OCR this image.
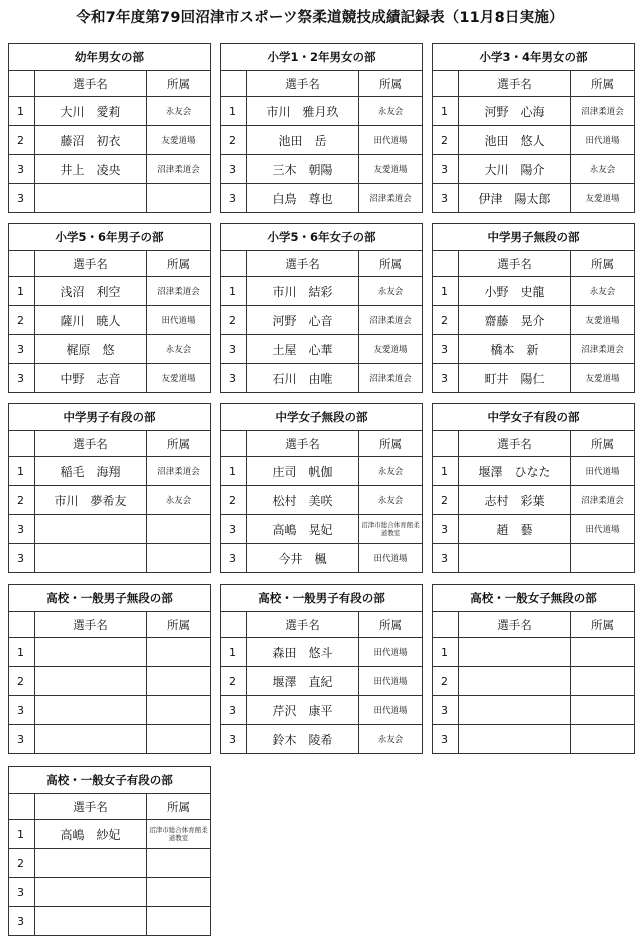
令和7年度第79回沼津市スポーツ祭柔道競技成績記録表（11月8日実施）
幼年男女の部		
	選手名	所属
1	大川　愛莉	永友会
2	藤沼　初衣	友愛道場
3	井上　凌央	沼津柔道会
3		
小学1・2年男女の部		
	選手名	所属
1	市川　雅月玖	永友会
2	池田　岳	田代道場
3	三木　朝陽	友愛道場
3	白鳥　尊也	沼津柔道会
小学3・4年男女の部		
	選手名	所属
1	河野　心海	沼津柔道会
2	池田　悠人	田代道場
3	大川　陽介	永友会
3	伊津　陽太郎	友愛道場
小学5・6年男子の部		
	選手名	所属
1	浅沼　利空	沼津柔道会
2	薩川　暁人	田代道場
3	梶原　悠	永友会
3	中野　志音	友愛道場
小学5・6年女子の部		
	選手名	所属
1	市川　結彩	永友会
2	河野　心音	沼津柔道会
3	土屋　心華	友愛道場
3	石川　由唯	沼津柔道会
中学男子無段の部		
	選手名	所属
1	小野　史龍	永友会
2	齋藤　晃介	友愛道場
3	橋本　新	沼津柔道会
3	町井　陽仁	友愛道場
中学男子有段の部		
	選手名	所属
1	稲毛　海翔	沼津柔道会
2	市川　夢希友	永友会
3		
3		
中学女子無段の部		
	選手名	所属
1	庄司　帆伽	永友会
2	松村　美咲	永友会
3	高嶋　晃妃	沼津市総合体育館柔道教室
3	今井　楓	田代道場
中学女子有段の部		
	選手名	所属
1	堰澤　ひなた	田代道場
2	志村　彩葉	沼津柔道会
3	趙　藝	田代道場
3		
高校・一般男子無段の部		
	選手名	所属
1		
2		
3		
3		
高校・一般男子有段の部		
	選手名	所属
1	森田　悠斗	田代道場
2	堰澤　直紀	田代道場
3	芹沢　康平	田代道場
3	鈴木　陵希	永友会
高校・一般女子無段の部		
	選手名	所属
1		
2		
3		
3		
高校・一般女子有段の部		
	選手名	所属
1	高嶋　紗妃	沼津市総合体育館柔道教室
2		
3		
3		
